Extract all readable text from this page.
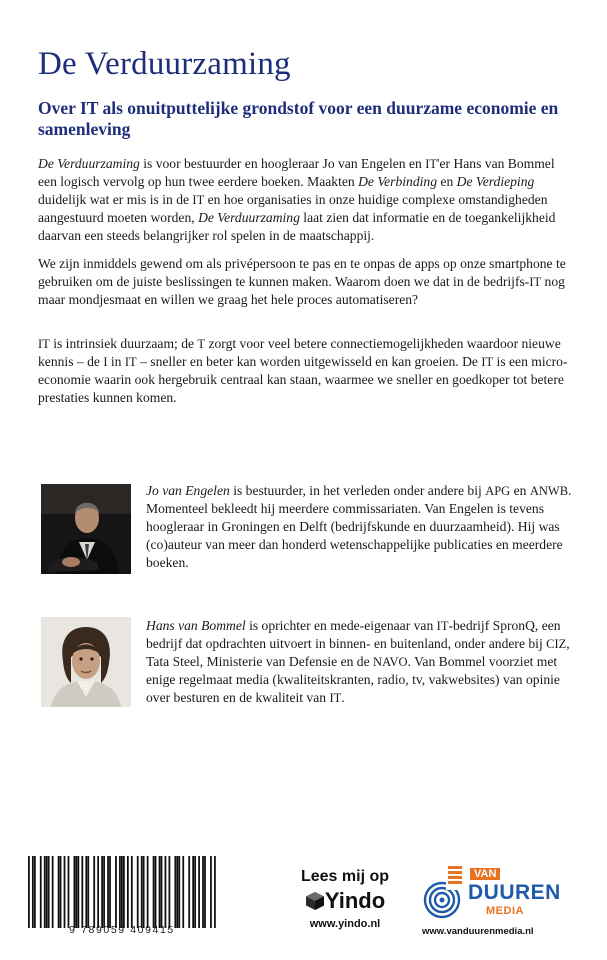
De Verduurzaming
Over IT als onuitputtelijke grondstof voor een duurzame economie en samenleving

De Verduurzaming is voor bestuurder en hoogleraar Jo van Engelen en IT'er Hans van Bommel een logisch vervolg op hun twee eerdere boeken. Maakten De Verbinding en De Verdieping duidelijk wat er mis is in de IT en hoe organisaties in onze huidige complexe omstandigheden aangestuurd moeten worden, De Verduurzaming laat zien dat informatie en de toegankelijkheid daarvan een steeds belangrijker rol spelen in de maatschappij.

We zijn inmiddels gewend om als privépersoon te pas en te onpas de apps op onze smartphone te gebruiken om de juiste beslissingen te kunnen maken. Waarom doen we dat in de bedrijfs-IT nog maar mondjesmaat en willen we graag het hele proces automatiseren?

IT is intrinsiek duurzaam; de T zorgt voor veel betere connectiemogelijkheden waardoor nieuwe kennis – de I in IT – sneller en beter kan worden uitgewisseld en kan groeien. De IT is een micro-economie waarin ook hergebruik centraal kan staan, waarmee we sneller en goedkoper tot betere prestaties kunnen komen.

Jo van Engelen is bestuurder, in het verleden onder andere bij APG en ANWB. Momenteel bekleedt hij meerdere commissariaten. Van Engelen is tevens hoogleraar in Groningen en Delft (bedrijfskunde en duurzaamheid). Hij was (co)auteur van meer dan honderd wetenschappelijke publicaties en meerdere boeken.

Hans van Bommel is oprichter en mede-eigenaar van IT-bedrijf SpronQ, een bedrijf dat opdrachten uitvoert in binnen- en buitenland, onder andere bij CIZ, Tata Steel, Ministerie van Defensie en de NAVO. Van Bommel voorziet met enige regelmaat media (kwaliteitskranten, radio, tv, vakwebsites) van opinie over besturen en de kwaliteit van IT.

9 789059 409415
Lees mij op
Yindo
www.yindo.nl
VAN
DUUREN
MEDIA
www.vanduurenmedia.nl
